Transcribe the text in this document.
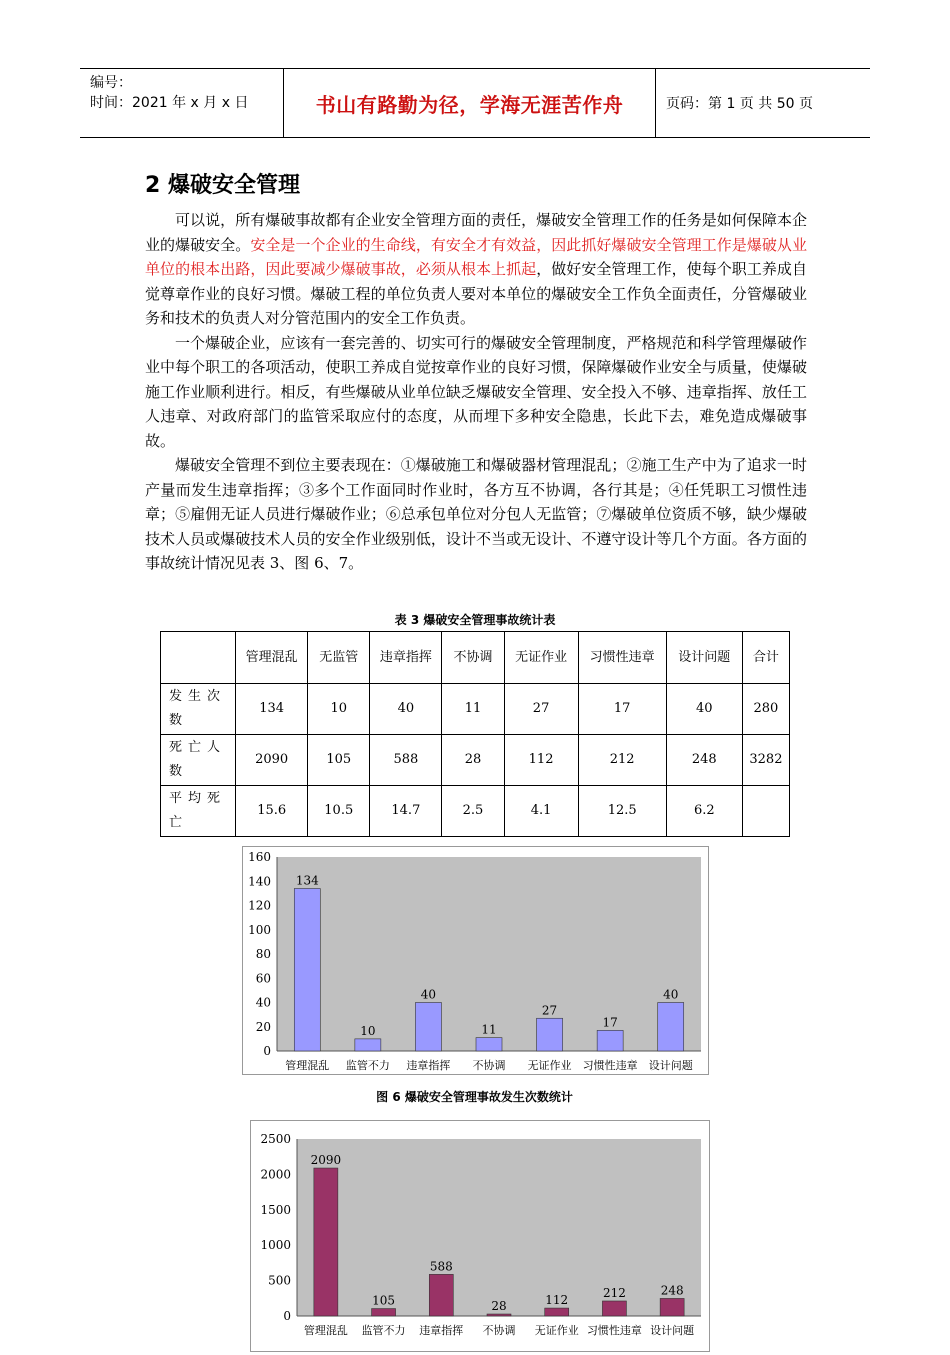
编号：
时间：2021 年 x 月 x 日	书山有路勤为径，学海无涯苦作舟	页码：第 1 页 共 50 页
2 爆破安全管理

可以说，所有爆破事故都有企业安全管理方面的责任，爆破安全管理工作的任务是如何保障本企业的爆破安全。安全是一个企业的生命线，有安全才有效益，因此抓好爆破安全管理工作是爆破从业单位的根本出路，因此要减少爆破事故，必须从根本上抓起，做好安全管理工作，使每个职工养成自觉尊章作业的良好习惯。爆破工程的单位负责人要对本单位的爆破安全工作负全面责任，分管爆破业务和技术的负责人对分管范围内的安全工作负责。

一个爆破企业，应该有一套完善的、切实可行的爆破安全管理制度，严格规范和科学管理爆破作业中每个职工的各项活动，使职工养成自觉按章作业的良好习惯，保障爆破作业安全与质量，使爆破施工作业顺利进行。相反，有些爆破从业单位缺乏爆破安全管理、安全投入不够、违章指挥、放任工人违章、对政府部门的监管采取应付的态度，从而埋下多种安全隐患，长此下去，难免造成爆破事故。

爆破安全管理不到位主要表现在：①爆破施工和爆破器材管理混乱；②施工生产中为了追求一时产量而发生违章指挥；③多个工作面同时作业时，各方互不协调，各行其是；④任凭职工习惯性违章；⑤雇佣无证人员进行爆破作业；⑥总承包单位对分包人无监管；⑦爆破单位资质不够，缺少爆破技术人员或爆破技术人员的安全作业级别低，设计不当或无设计、不遵守设计等几个方面。各方面的事故统计情况见表 3、图 6、7。

表 3 爆破安全管理事故统计表
	管理混乱	无监管	违章指挥	不协调	无证作业	习惯性违章	设计问题	合计
发生次数	134	10	40	11	27	17	40	280
死亡人数	2090	105	588	28	112	212	248	3282
平均死亡	15.6	10.5	14.7	2.5	4.1	12.5	6.2	
0
20
40
60
80
100
120
140
160
134
管理混乱
10
监管不力
40
违章指挥
11
不协调
27
无证作业
17
习惯性违章
40
设计问题
图 6 爆破安全管理事故发生次数统计
0
500
1000
1500
2000
2500
2090
管理混乱
105
监管不力
588
违章指挥
28
不协调
112
无证作业
212
习惯性违章
248
设计问题
